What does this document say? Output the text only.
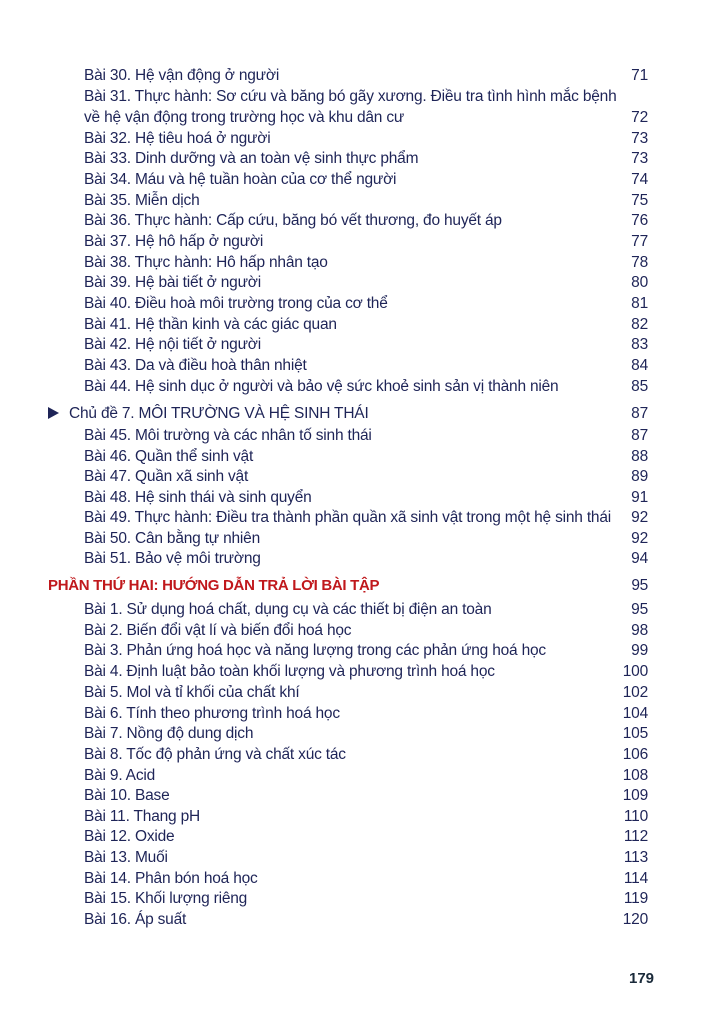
Bài 30. Hệ vận động ở người	71
Bài 31. Thực hành: Sơ cứu và băng bó gãy xương. Điều tra tình hình mắc bệnh
về hệ vận động trong trường học và khu dân cư	72
Bài 32. Hệ tiêu hoá ở người	73
Bài 33. Dinh dưỡng và an toàn vệ sinh thực phẩm	73
Bài 34. Máu và hệ tuần hoàn của cơ thể người	74
Bài 35. Miễn dịch	75
Bài 36. Thực hành: Cấp cứu, băng bó vết thương, đo huyết áp	76
Bài 37. Hệ hô hấp ở người	77
Bài 38. Thực hành: Hô hấp nhân tạo	78
Bài 39. Hệ bài tiết ở người	80
Bài 40. Điều hoà môi trường trong của cơ thể	81
Bài 41. Hệ thần kinh và các giác quan	82
Bài 42. Hệ nội tiết ở người	83
Bài 43. Da và điều hoà thân nhiệt	84
Bài 44. Hệ sinh dục ở người và bảo vệ sức khoẻ sinh sản vị thành niên	85
Chủ đề 7. MÔI TRƯỜNG VÀ HỆ SINH THÁI	87
Bài 45. Môi trường và các nhân tố sinh thái	87
Bài 46. Quần thể sinh vật	88
Bài 47. Quần xã sinh vật	89
Bài 48. Hệ sinh thái và sinh quyển	91
Bài 49. Thực hành: Điều tra thành phần quần xã sinh vật trong một hệ sinh thái 92
Bài 50. Cân bằng tự nhiên	92
Bài 51. Bảo vệ môi trường	94
PHẦN THỨ HAI: HƯỚNG DẪN TRẢ LỜI BÀI TẬP	95
Bài 1. Sử dụng hoá chất, dụng cụ và các thiết bị điện an toàn	95
Bài 2. Biến đổi vật lí và biến đổi hoá học	98
Bài 3. Phản ứng hoá học và năng lượng trong các phản ứng hoá học	99
Bài 4. Định luật bảo toàn khối lượng và phương trình hoá học	100
Bài 5. Mol và tỉ khối của chất khí	102
Bài 6. Tính theo phương trình hoá học	104
Bài 7. Nồng độ dung dịch	105
Bài 8. Tốc độ phản ứng và chất xúc tác	106
Bài 9. Acid	108
Bài 10. Base	109
Bài 11. Thang pH	110
Bài 12. Oxide	112
Bài 13. Muối	113
Bài 14. Phân bón hoá học	114
Bài 15. Khối lượng riêng	119
Bài 16. Áp suất	120
179
